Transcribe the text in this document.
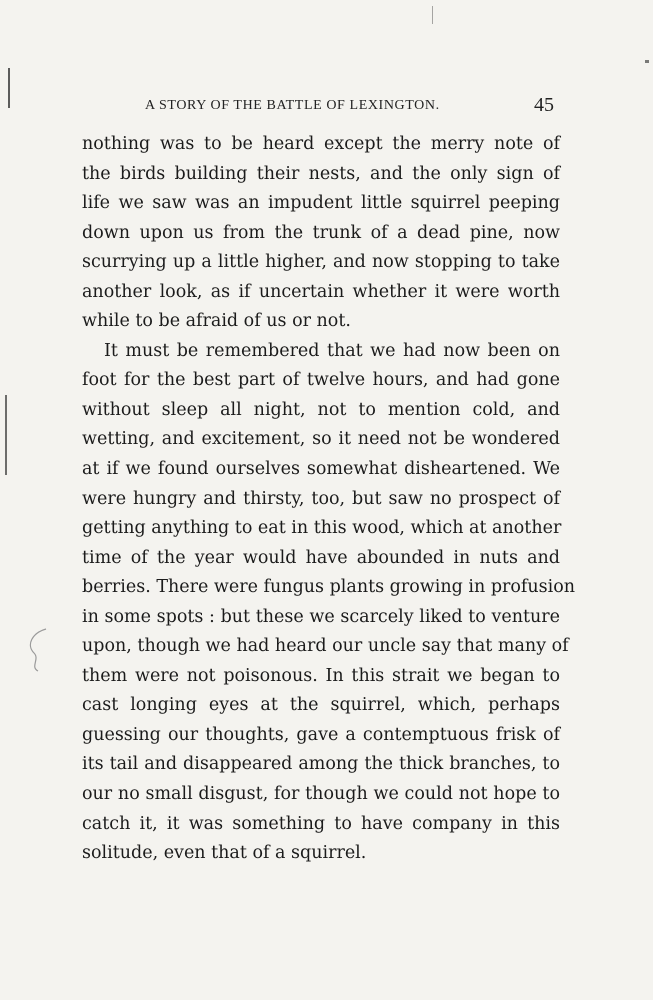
A STORY OF THE BATTLE OF LEXINGTON.	45
nothing was to be heard except the merry note of
the birds building their nests, and the only sign of
life we saw was an impudent little squirrel peeping
down upon us from the trunk of a dead pine, now
scurrying up a little higher, and now stopping to take
another look, as if uncertain whether it were worth
while to be afraid of us or not.
It must be remembered that we had now been on
foot for the best part of twelve hours, and had gone
without sleep all night, not to mention cold, and
wetting, and excitement, so it need not be wondered
at if we found ourselves somewhat disheartened. We
were hungry and thirsty, too, but saw no prospect of
getting anything to eat in this wood, which at another
time of the year would have abounded in nuts and
berries. There were fungus plants growing in profusion
in some spots : but these we scarcely liked to venture
upon, though we had heard our uncle say that many of
them were not poisonous. In this strait we began to
cast longing eyes at the squirrel, which, perhaps
guessing our thoughts, gave a contemptuous frisk of
its tail and disappeared among the thick branches, to
our no small disgust, for though we could not hope to
catch it, it was something to have company in this
solitude, even that of a squirrel.
